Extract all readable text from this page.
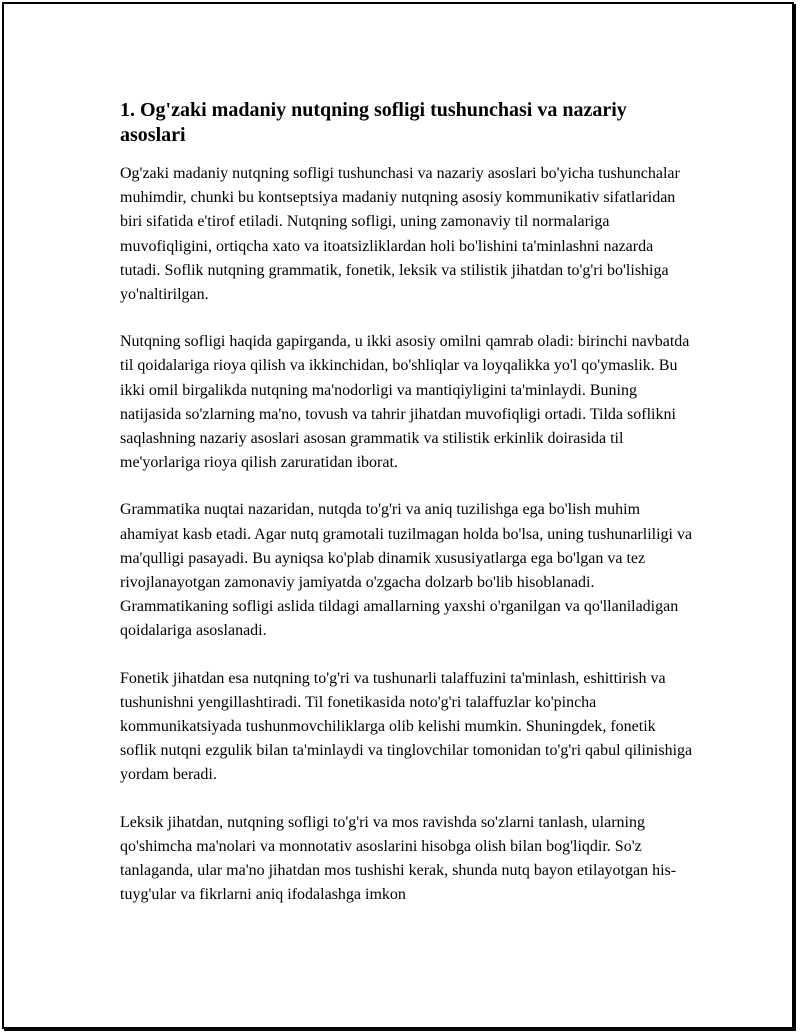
1. Og'zaki madaniy nutqning sofligi tushunchasi va nazariy asoslari

Og'zaki madaniy nutqning sofligi tushunchasi va nazariy asoslari bo'yicha tushunchalar muhimdir, chunki bu kontseptsiya madaniy nutqning asosiy kommunikativ sifatlaridan biri sifatida e'tirof etiladi. Nutqning sofligi, uning zamonaviy til normalariga muvofiqligini, ortiqcha xato va itoatsizliklardan holi bo'lishini ta'minlashni nazarda tutadi. Soflik nutqning grammatik, fonetik, leksik va stilistik jihatdan to'g'ri bo'lishiga yo'naltirilgan.

Nutqning sofligi haqida gapirganda, u ikki asosiy omilni qamrab oladi: birinchi navbatda til qoidalariga rioya qilish va ikkinchidan, bo'shliqlar va loyqalikka yo'l qo'ymaslik. Bu ikki omil birgalikda nutqning ma'nodorligi va mantiqiyligini ta'minlaydi. Buning natijasida so'zlarning ma'no, tovush va tahrir jihatdan muvofiqligi ortadi. Tilda soflikni saqlashning nazariy asoslari asosan grammatik va stilistik erkinlik doirasida til me'yorlariga rioya qilish zaruratidan iborat.

Grammatika nuqtai nazaridan, nutqda to'g'ri va aniq tuzilishga ega bo'lish muhim ahamiyat kasb etadi. Agar nutq gramotali tuzilmagan holda bo'lsa, uning tushunarliligi va ma'qulligi pasayadi. Bu ayniqsa ko'plab dinamik xususiyatlarga ega bo'lgan va tez rivojlanayotgan zamonaviy jamiyatda o'zgacha dolzarb bo'lib hisoblanadi. Grammatikaning sofligi aslida tildagi amallarning yaxshi o'rganilgan va qo'llaniladigan qoidalariga asoslanadi.

Fonetik jihatdan esa nutqning to'g'ri va tushunarli talaffuzini ta'minlash, eshittirish va tushunishni yengillashtiradi. Til fonetikasida noto'g'ri talaffuzlar ko'pincha kommunikatsiyada tushunmovchiliklarga olib kelishi mumkin. Shuningdek, fonetik soflik nutqni ezgulik bilan ta'minlaydi va tinglovchilar tomonidan to'g'ri qabul qilinishiga yordam beradi.

Leksik jihatdan, nutqning sofligi to'g'ri va mos ravishda so'zlarni tanlash, ularning qo'shimcha ma'nolari va monnotativ asoslarini hisobga olish bilan bog'liqdir. So'z tanlaganda, ular ma'no jihatdan mos tushishi kerak, shunda nutq bayon etilayotgan his-tuyg'ular va fikrlarni aniq ifodalashga imkon
